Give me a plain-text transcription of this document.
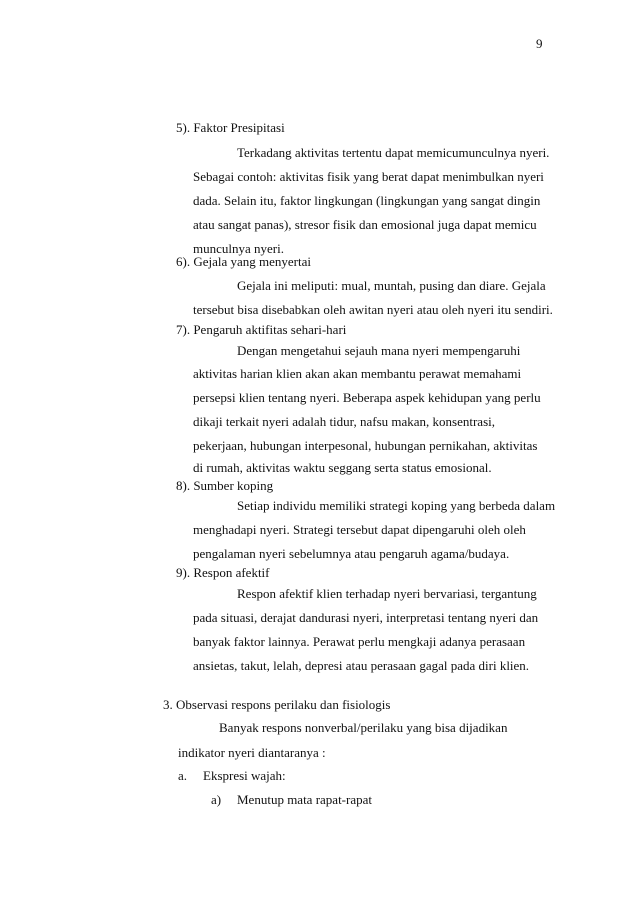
9
5). Faktor Presipitasi
Terkadang aktivitas tertentu dapat memicumunculnya nyeri.
Sebagai contoh: aktivitas fisik yang berat dapat menimbulkan nyeri
dada. Selain itu, faktor lingkungan (lingkungan yang sangat dingin
atau sangat panas), stresor fisik dan emosional juga dapat memicu
munculnya nyeri.
6). Gejala yang menyertai
Gejala ini meliputi: mual, muntah, pusing dan diare. Gejala
tersebut bisa disebabkan oleh awitan nyeri atau oleh nyeri itu sendiri.
7). Pengaruh aktifitas sehari-hari
Dengan mengetahui sejauh mana nyeri mempengaruhi
aktivitas harian klien akan akan membantu perawat memahami
persepsi klien tentang nyeri. Beberapa aspek kehidupan yang perlu
dikaji terkait nyeri adalah tidur, nafsu makan, konsentrasi,
pekerjaan, hubungan interpesonal, hubungan pernikahan, aktivitas
di rumah, aktivitas waktu seggang serta status emosional.
8). Sumber koping
Setiap individu memiliki strategi koping yang berbeda dalam
menghadapi nyeri. Strategi tersebut dapat dipengaruhi oleh oleh
pengalaman nyeri sebelumnya atau pengaruh agama/budaya.
9). Respon afektif
Respon afektif klien terhadap nyeri bervariasi, tergantung
pada situasi, derajat dandurasi nyeri, interpretasi tentang nyeri dan
banyak faktor lainnya. Perawat perlu mengkaji adanya perasaan
ansietas, takut, lelah, depresi atau perasaan gagal pada diri klien.
3. Observasi respons perilaku dan fisiologis
Banyak respons nonverbal/perilaku yang bisa dijadikan
indikator nyeri diantaranya :
a. Ekspresi wajah:
a) Menutup mata rapat-rapat
